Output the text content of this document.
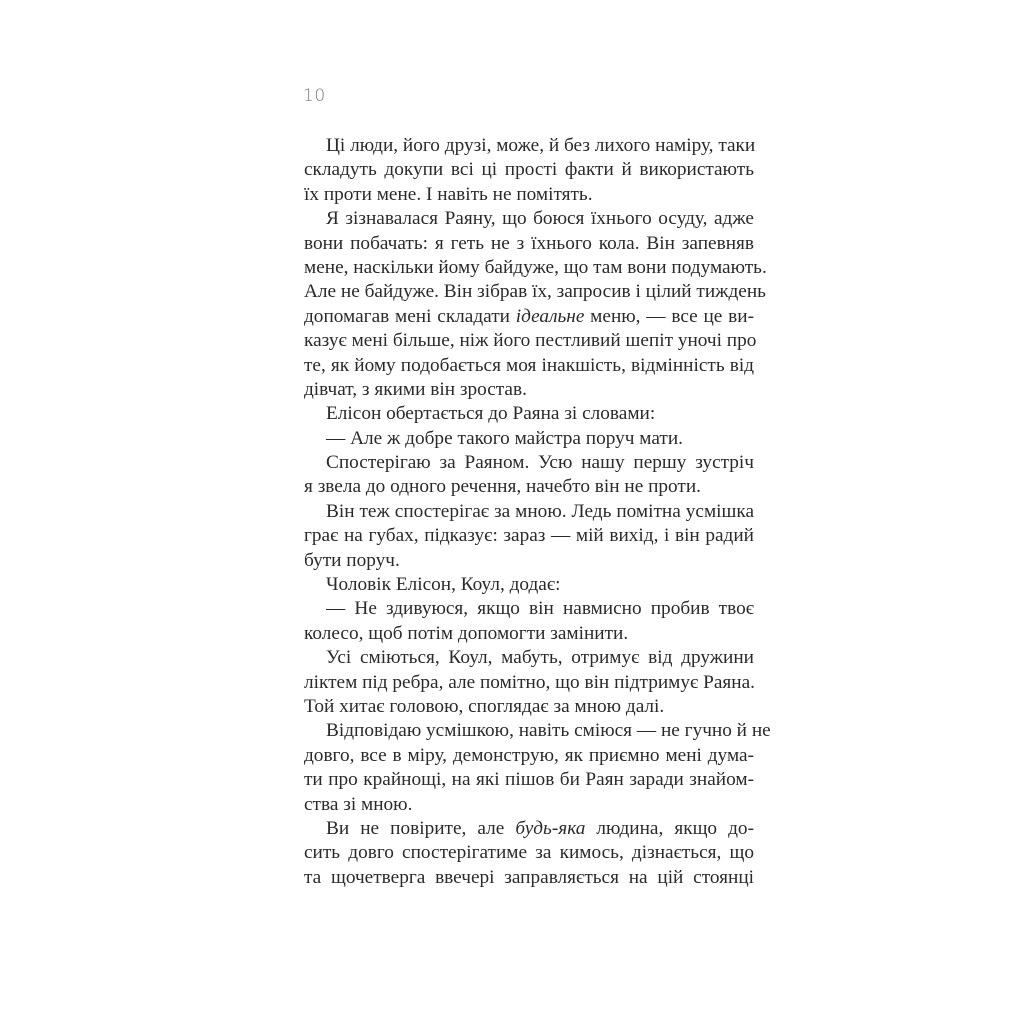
10
Ці люди, його друзі, може, й без лихого наміру, таки
складуть докупи всі ці прості факти й використають
їх проти мене. І навіть не помітять.
Я зізнавалася Раяну, що боюся їхнього осуду, адже
вони побачать: я геть не з їхнього кола. Він запевняв
мене, наскільки йому байдуже, що там вони подумають.
Але не байдуже. Він зібрав їх, запросив і цілий тиждень
допомагав мені складати ідеальне меню, — все це ви-
казує мені більше, ніж його пестливий шепіт уночі про
те, як йому подобається моя інакшість, відмінність від
дівчат, з якими він зростав.
Елісон обертається до Раяна зі словами:
— Але ж добре такого майстра поруч мати.
Спостерігаю за Раяном. Усю нашу першу зустріч
я звела до одного речення, начебто він не проти.
Він теж спостерігає за мною. Ледь помітна усмішка
грає на губах, підказує: зараз — мій вихід, і він радий
бути поруч.
Чоловік Елісон, Коул, додає:
— Не здивуюся, якщо він навмисно пробив твоє
колесо, щоб потім допомогти замінити.
Усі сміються, Коул, мабуть, отримує від дружини
ліктем під ребра, але помітно, що він підтримує Раяна.
Той хитає головою, споглядає за мною далі.
Відповідаю усмішкою, навіть сміюся — не гучно й не
довго, все в міру, демонструю, як приємно мені дума-
ти про крайнощі, на які пішов би Раян заради знайом-
ства зі мною.
Ви не повірите, але будь-яка людина, якщо до-
сить довго спостерігатиме за кимось, дізнається, що
та щочетверга ввечері заправляється на цій стоянці
